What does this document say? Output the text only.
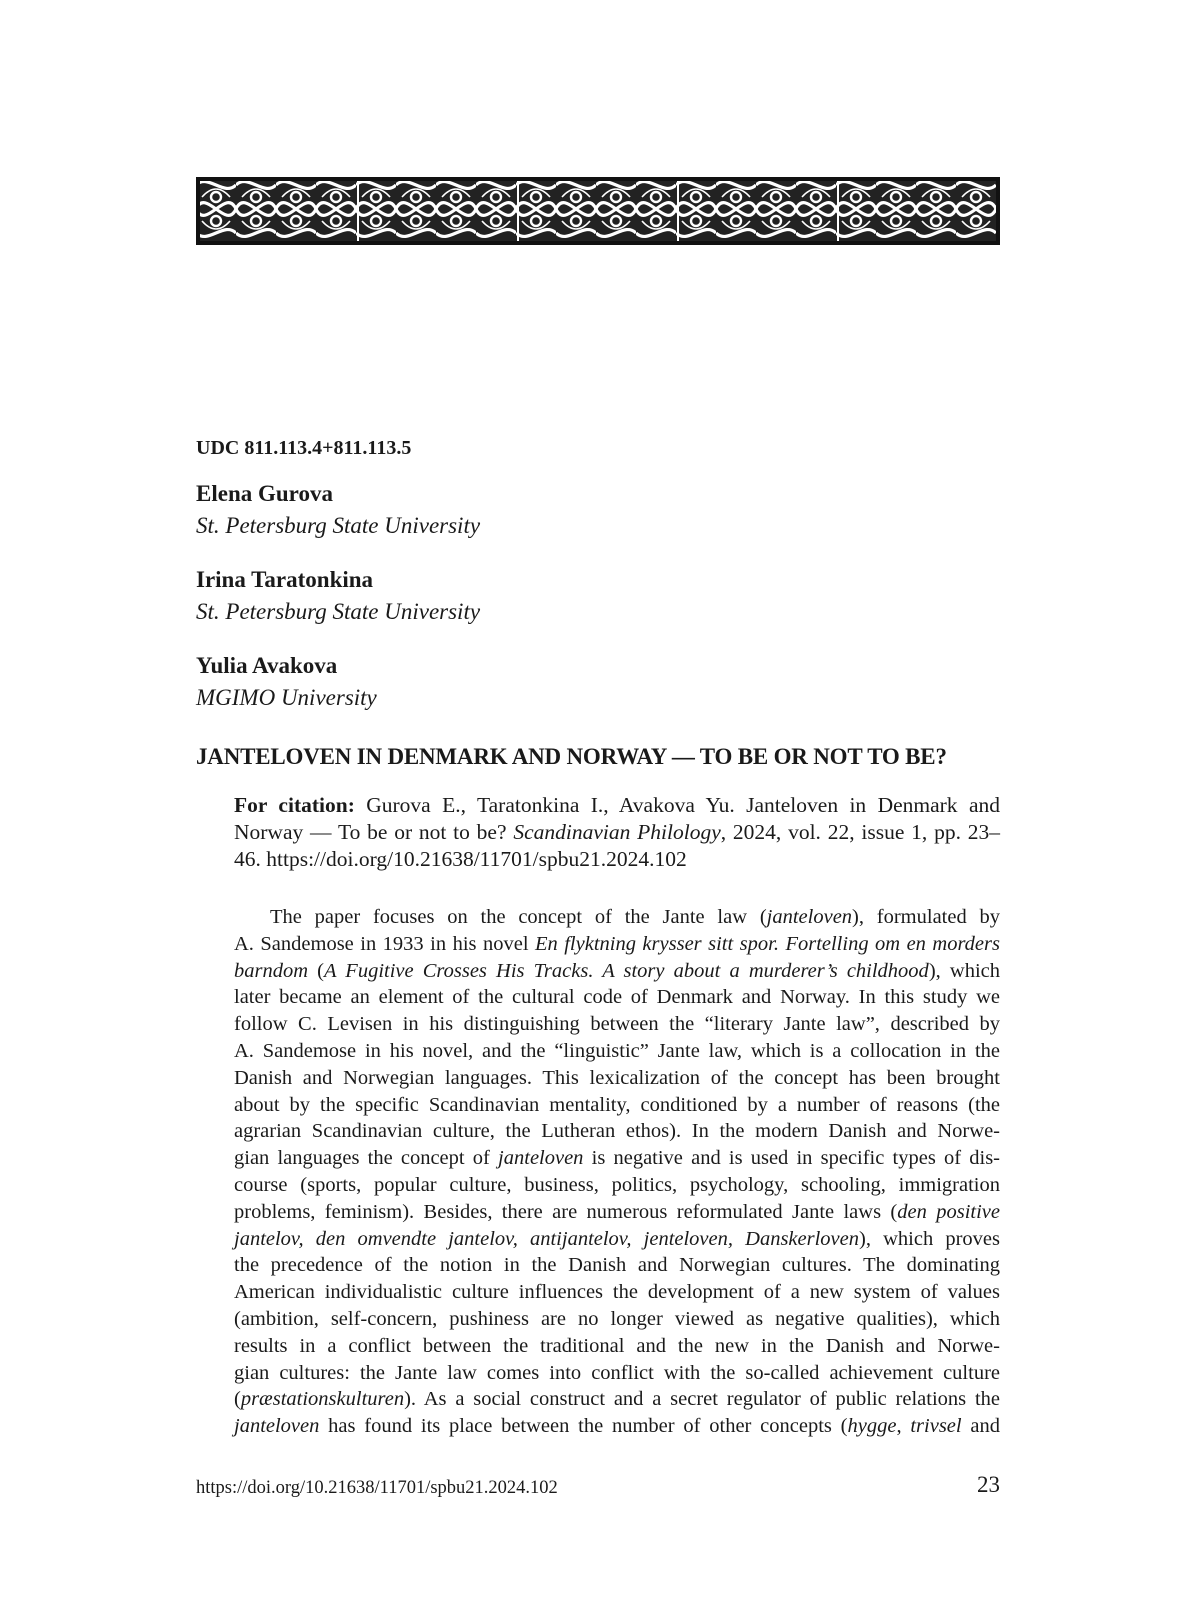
UDC 811.113.4+811.113.5
Elena Gurova
St. Petersburg State University
Irina Taratonkina
St. Petersburg State University
Yulia Avakova
MGIMO University
JANTELOVEN IN DENMARK AND NORWAY — TO BE OR NOT TO BE?
For citation: Gurova E., Taratonkina I., Avakova Yu. Janteloven in Denmark and Norway — To be or not to be? Scandinavian Philology, 2024, vol. 22, issue 1, pp. 23–46. https://doi.org/10.21638/11701/spbu21.2024.102
The paper focuses on the concept of the Jante law (janteloven), formulated by
A. Sandemose in 1933 in his novel En flyktning krysser sitt spor. Fortelling om en morders
barndom (A Fugitive Crosses His Tracks. A story about a murderer’s childhood), which
later became an element of the cultural code of Denmark and Norway. In this study we
follow C. Levisen in his distinguishing between the “literary Jante law”, described by
A. Sandemose in his novel, and the “linguistic” Jante law, which is a collocation in the
Danish and Norwegian languages. This lexicalization of the concept has been brought
about by the specific Scandinavian mentality, conditioned by a number of reasons (the
agrarian Scandinavian culture, the Lutheran ethos). In the modern Danish and Norwe-
gian languages the concept of janteloven is negative and is used in specific types of dis-
course (sports, popular culture, business, politics, psychology, schooling, immigration
problems, feminism). Besides, there are numerous reformulated Jante laws (den positive
jantelov, den omvendte jantelov, antijantelov, jenteloven, Danskerloven), which proves
the precedence of the notion in the Danish and Norwegian cultures. The dominating
American individualistic culture influences the development of a new system of values
(ambition, self-concern, pushiness are no longer viewed as negative qualities), which
results in a conflict between the traditional and the new in the Danish and Norwe-
gian cultures: the Jante law comes into conflict with the so-called achievement culture
(præstationskulturen). As a social construct and a secret regulator of public relations the
janteloven has found its place between the number of other concepts (hygge, trivsel and
https://doi.org/10.21638/11701/spbu21.2024.102	23
